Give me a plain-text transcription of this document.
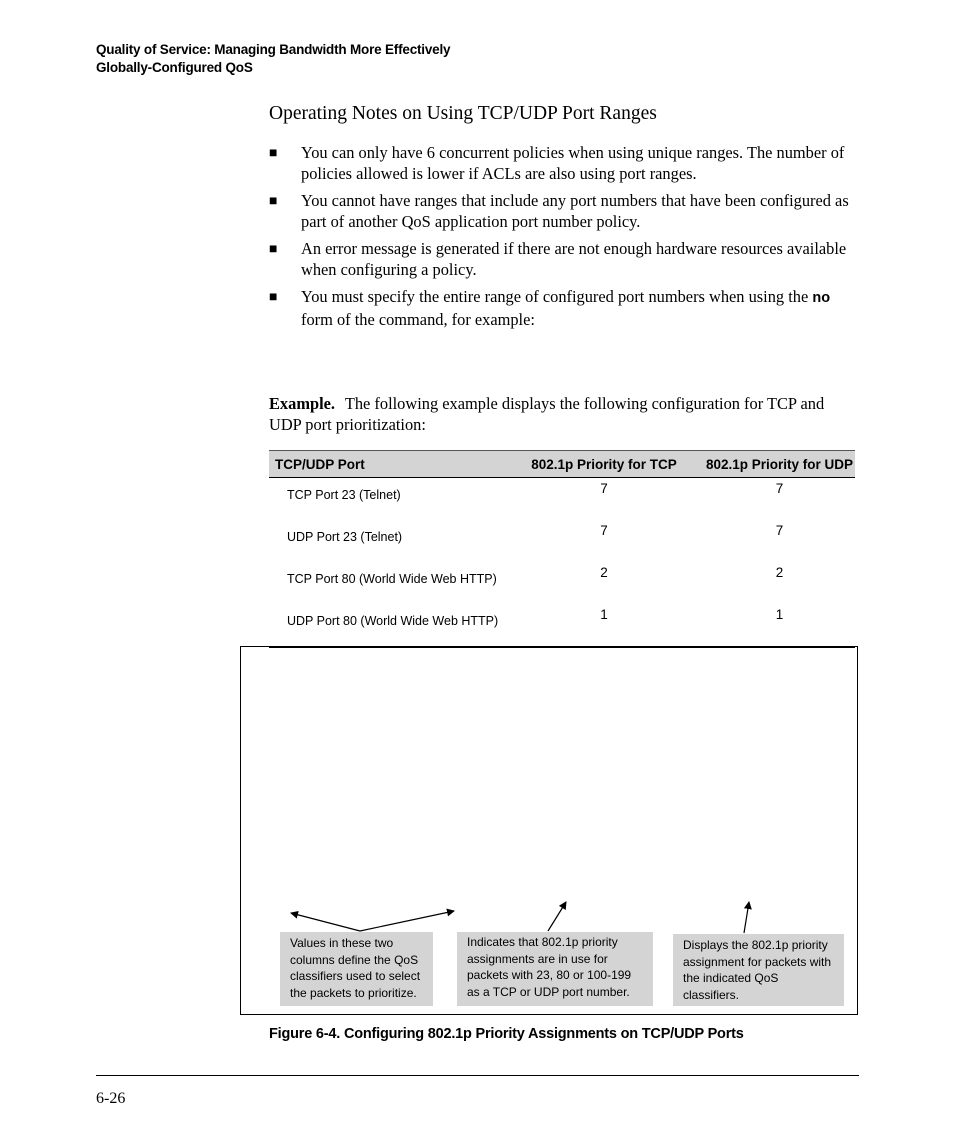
Quality of Service: Managing Bandwidth More Effectively
Globally-Configured QoS
Operating Notes on Using TCP/UDP Port Ranges
■ You can only have 6 concurrent policies when using unique ranges. The number of policies allowed is lower if ACLs are also using port ranges.
■ You cannot have ranges that include any port numbers that have been configured as part of another QoS application port number policy.
■ An error message is generated if there are not enough hardware resources available when configuring a policy.
■ You must specify the entire range of configured port numbers when using the no form of the command, for example:
Example. The following example displays the following configuration for TCP and UDP port prioritization:
TCP/UDP Port	802.1p Priority for TCP	802.1p Priority for UDP
TCP Port 23 (Telnet)	7	7
UDP Port 23 (Telnet)	7	7
TCP Port 80 (World Wide Web HTTP)	2	2
UDP Port 80 (World Wide Web HTTP)	1	1
Values in these two columns define the QoS classifiers used to select the packets to prioritize.
Indicates that 802.1p priority assignments are in use for packets with 23, 80 or 100-199 as a TCP or UDP port number.
Displays the 802.1p priority assignment for packets with the indicated QoS classifiers.
Figure 6-4. Configuring 802.1p Priority Assignments on TCP/UDP Ports
6-26
